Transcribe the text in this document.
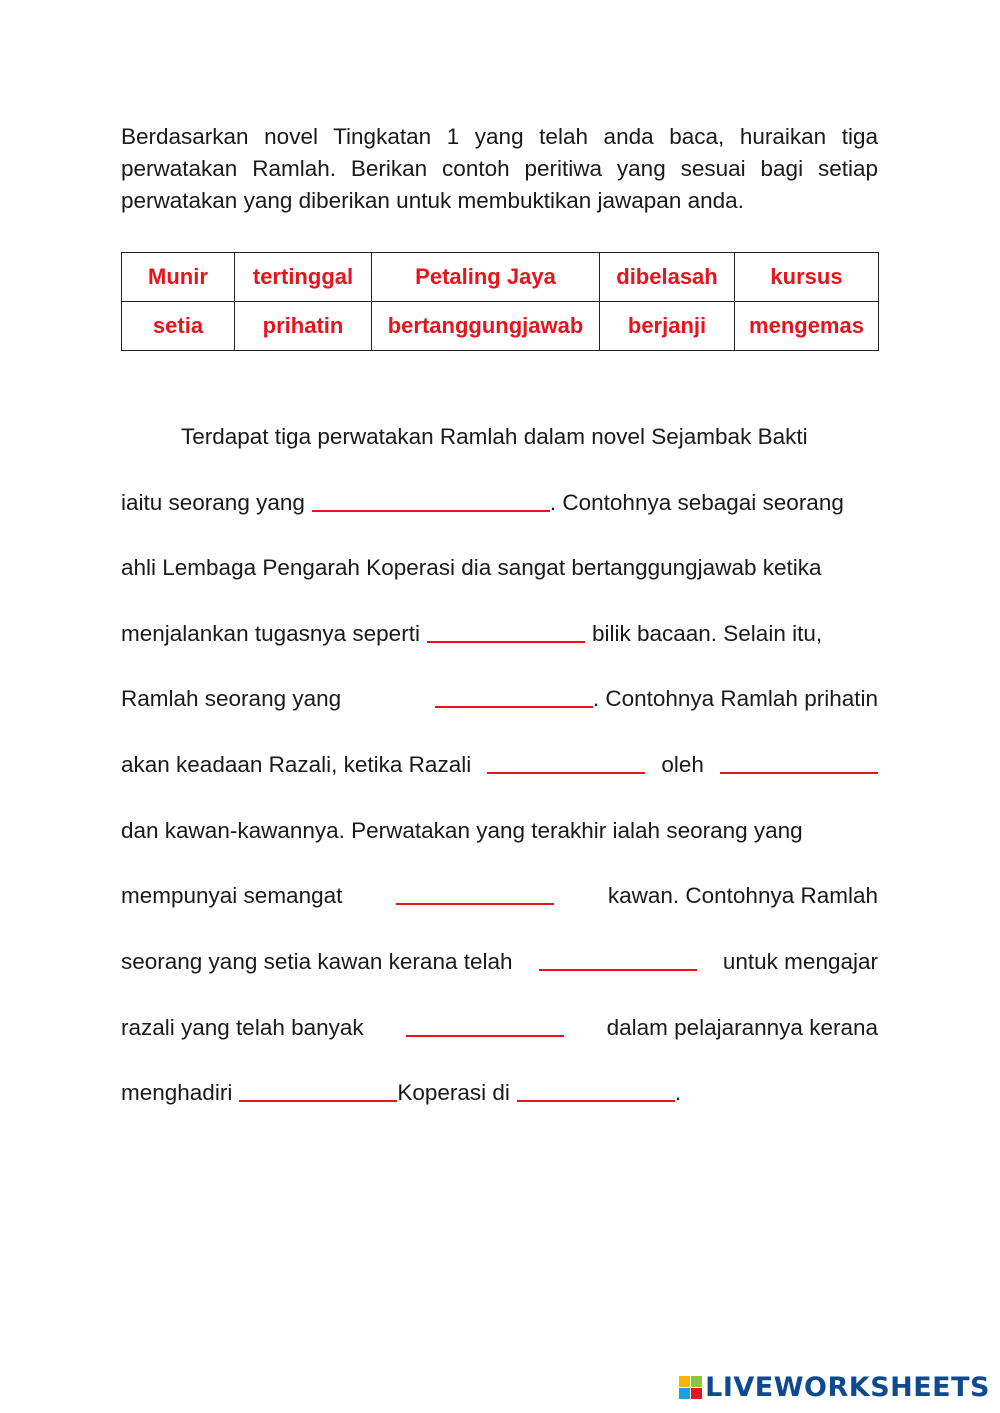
Berdasarkan novel Tingkatan 1 yang telah anda baca, huraikan tiga perwatakan Ramlah. Berikan contoh peritiwa yang sesuai bagi setiap perwatakan yang diberikan untuk membuktikan jawapan anda.
Munir	tertinggal	Petaling Jaya	dibelasah	kursus
setia	prihatin	bertanggungjawab	berjanji	mengemas
Terdapat tiga perwatakan Ramlah dalam novel Sejambak Bakti
iaitu seorang yang	. Contohnya sebagai seorang
ahli Lembaga Pengarah Koperasi dia sangat bertanggungjawab ketika
menjalankan tugasnya seperti	bilik bacaan. Selain itu,
Ramlah seorang yang	. Contohnya Ramlah prihatin
akan keadaan Razali, ketika Razali	oleh
dan kawan-kawannya. Perwatakan yang terakhir ialah seorang yang
mempunyai semangat	kawan. Contohnya Ramlah
seorang yang setia kawan kerana telah	untuk mengajar
razali yang telah banyak	dalam pelajarannya kerana
menghadiri	Koperasi di	.
LIVEWORKSHEETS
